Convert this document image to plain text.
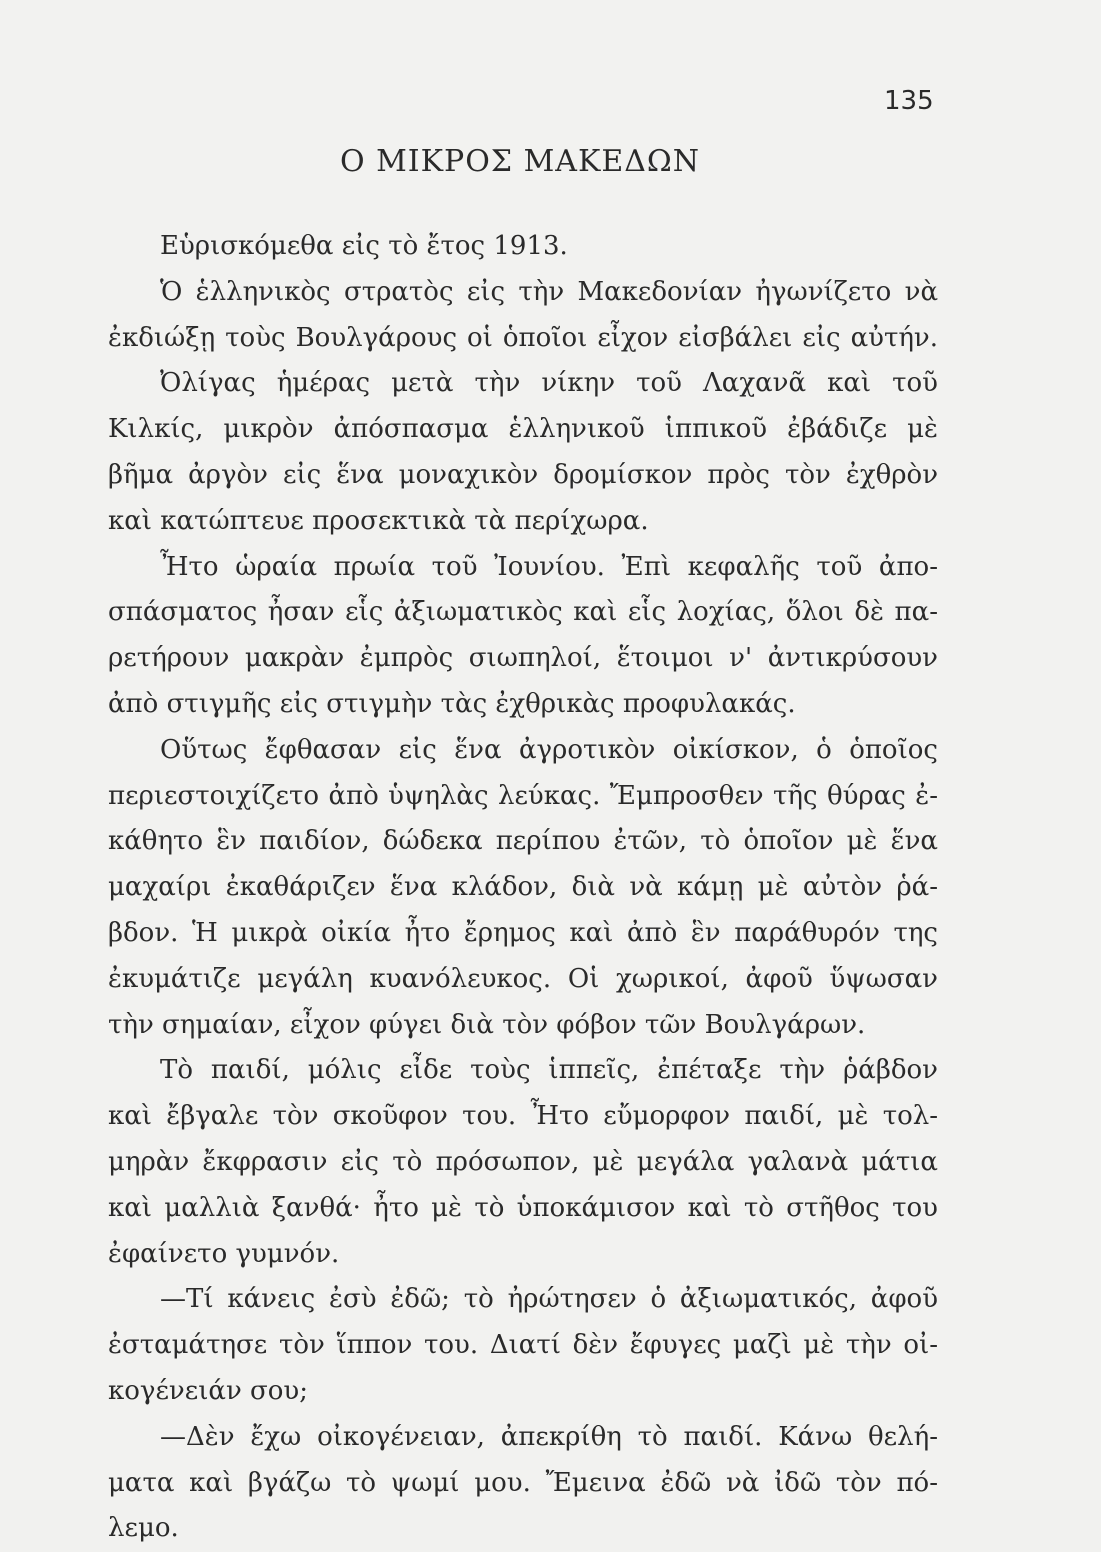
135
Ο ΜΙΚΡΟΣ ΜΑΚΕΔΩΝ
Εὑρισκόμεθα εἰς τὸ ἔτος 1913.
Ὁ ἑλληνικὸς στρατὸς εἰς τὴν Μακεδονίαν ἠγωνίζετο νὰ
ἐκδιώξῃ τοὺς Βουλγάρους οἱ ὁποῖοι εἶχον εἰσβάλει εἰς αὐτήν.
Ὀλίγας ἡμέρας μετὰ τὴν νίκην τοῦ Λαχανᾶ καὶ τοῦ
Κιλκίς, μικρὸν ἀπόσπασμα ἑλληνικοῦ ἱππικοῦ ἐβάδιζε μὲ
βῆμα ἀργὸν εἰς ἕνα μοναχικὸν δρομίσκον πρὸς τὸν ἐχθρὸν
καὶ κατώπτευε προσεκτικὰ τὰ περίχωρα.
Ἦτο ὡραία πρωία τοῦ Ἰουνίου. Ἐπὶ κεφαλῆς τοῦ ἀπο-
σπάσματος ἦσαν εἷς ἀξιωματικὸς καὶ εἷς λοχίας, ὅλοι δὲ πα-
ρετήρουν μακρὰν ἐμπρὸς σιωπηλοί, ἕτοιμοι ν' ἀντικρύσουν
ἀπὸ στιγμῆς εἰς στιγμὴν τὰς ἐχθρικὰς προφυλακάς.
Οὕτως ἔφθασαν εἰς ἕνα ἀγροτικὸν οἰκίσκον, ὁ ὁποῖος
περιεστοιχίζετο ἀπὸ ὑψηλὰς λεύκας. Ἔμπροσθεν τῆς θύρας ἐ-
κάθητο ἓν παιδίον, δώδεκα περίπου ἐτῶν, τὸ ὁποῖον μὲ ἕνα
μαχαίρι ἐκαθάριζεν ἕνα κλάδον, διὰ νὰ κάμῃ μὲ αὐτὸν ῥά-
βδον. Ἡ μικρὰ οἰκία ἦτο ἔρημος καὶ ἀπὸ ἓν παράθυρόν της
ἐκυμάτιζε μεγάλη κυανόλευκος. Οἱ χωρικοί, ἀφοῦ ὕψωσαν
τὴν σημαίαν, εἶχον φύγει διὰ τὸν φόβον τῶν Βουλγάρων.
Τὸ παιδί, μόλις εἶδε τοὺς ἱππεῖς, ἐπέταξε τὴν ῥάβδον
καὶ ἔβγαλε τὸν σκοῦφον του. Ἦτο εὔμορφον παιδί, μὲ τολ-
μηρὰν ἔκφρασιν εἰς τὸ πρόσωπον, μὲ μεγάλα γαλανὰ μάτια
καὶ μαλλιὰ ξανθά· ἦτο μὲ τὸ ὑποκάμισον καὶ τὸ στῆθος του
ἐφαίνετο γυμνόν.
—Τί κάνεις ἐσὺ ἐδῶ; τὸ ἠρώτησεν ὁ ἀξιωματικός, ἀφοῦ
ἐσταμάτησε τὸν ἵππον του. Διατί δὲν ἔφυγες μαζὶ μὲ τὴν οἰ-
κογένειάν σου;
—Δὲν ἔχω οἰκογένειαν, ἀπεκρίθη τὸ παιδί. Κάνω θελή-
ματα καὶ βγάζω τὸ ψωμί μου. Ἔμεινα ἐδῶ νὰ ἰδῶ τὸν πό-
λεμο.
